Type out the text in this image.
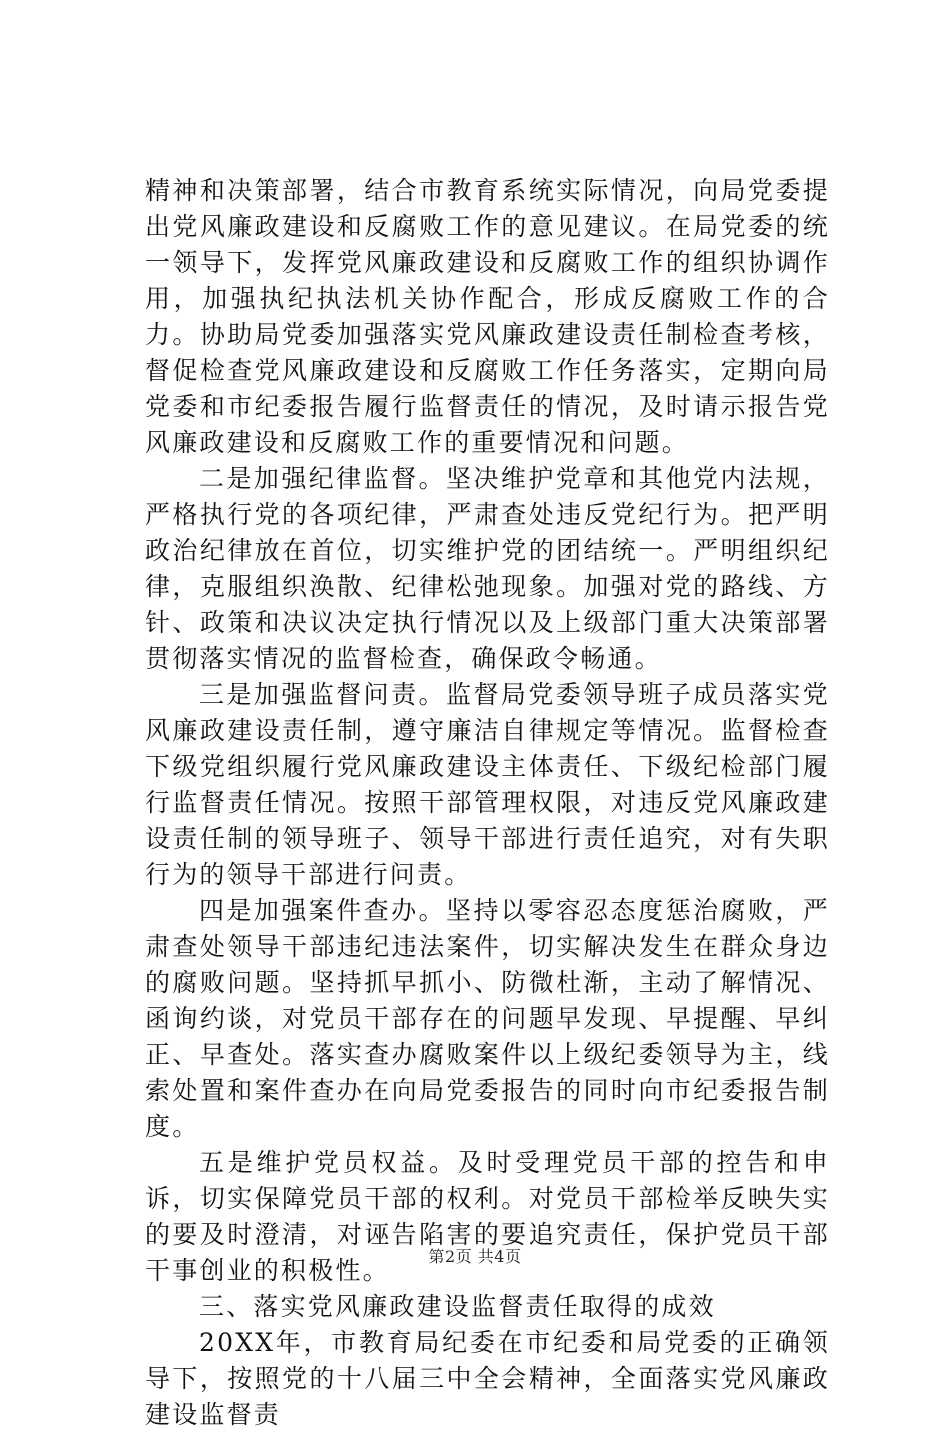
精神和决策部署，结合市教育系统实际情况，向局党委提出党风廉政建设和反腐败工作的意见建议。在局党委的统一领导下，发挥党风廉政建设和反腐败工作的组织协调作用，加强执纪执法机关协作配合，形成反腐败工作的合力。协助局党委加强落实党风廉政建设责任制检查考核，督促检查党风廉政建设和反腐败工作任务落实，定期向局党委和市纪委报告履行监督责任的情况，及时请示报告党风廉政建设和反腐败工作的重要情况和问题。

二是加强纪律监督。坚决维护党章和其他党内法规，严格执行党的各项纪律，严肃查处违反党纪行为。把严明政治纪律放在首位，切实维护党的团结统一。严明组织纪律，克服组织涣散、纪律松弛现象。加强对党的路线、方针、政策和决议决定执行情况以及上级部门重大决策部署贯彻落实情况的监督检查，确保政令畅通。

三是加强监督问责。监督局党委领导班子成员落实党风廉政建设责任制，遵守廉洁自律规定等情况。监督检查下级党组织履行党风廉政建设主体责任、下级纪检部门履行监督责任情况。按照干部管理权限，对违反党风廉政建设责任制的领导班子、领导干部进行责任追究，对有失职行为的领导干部进行问责。

四是加强案件查办。坚持以零容忍态度惩治腐败，严肃查处领导干部违纪违法案件，切实解决发生在群众身边的腐败问题。坚持抓早抓小、防微杜渐，主动了解情况、函询约谈，对党员干部存在的问题早发现、早提醒、早纠正、早查处。落实查办腐败案件以上级纪委领导为主，线索处置和案件查办在向局党委报告的同时向市纪委报告制度。

五是维护党员权益。及时受理党员干部的控告和申诉，切实保障党员干部的权利。对党员干部检举反映失实的要及时澄清，对诬告陷害的要追究责任，保护党员干部干事创业的积极性。

三、落实党风廉政建设监督责任取得的成效

20XX年，市教育局纪委在市纪委和局党委的正确领导下，按照党的十八届三中全会精神，全面落实党风廉政建设监督责

第2页 共4页
